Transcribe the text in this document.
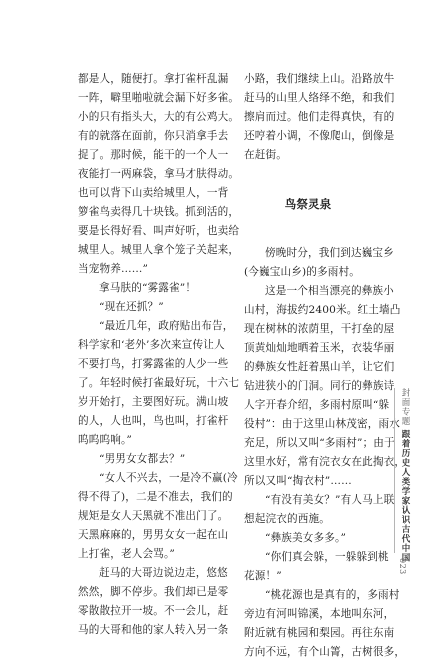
都是人，随便打。拿打雀杆乱漏
一阵，噼里啪啦就会漏下好多雀。
小的只有指头大，大的有公鸡大。
有的就落在面前，你只消拿手去
捉了。那时候，能干的一个人一
夜能打一两麻袋，拿马才肤得动。
也可以背下山卖给城里人，一背
箩雀鸟卖得几十块钱。抓到活的，
要是长得好看、叫声好听，也卖给
城里人。城里人拿个笼子关起来，
当宠物养……”
拿马肤的“雾露雀”！
“现在还抓？”
“最近几年，政府贴出布告，
科学家和‘老外’多次来宣传让人
不要打鸟，打雾露雀的人少一些
了。年轻时候打雀最好玩，十六七
岁开始打，主要图好玩。满山坡
的人，人也叫，鸟也叫，打雀杆
呜呜呜响。”
“男男女女都去？”
“女人不兴去，一是冷不赢(冷
得不得了)，二是不准去，我们的
规矩是女人天黑就不准出门了。
天黑麻麻的，男男女女一起在山
上打雀，老人会骂。”
赶马的大哥边说边走，悠悠
然然，脚不停步。我们却已是零
零散散拉开一坡。不一会儿，赶
马的大哥和他的家人转入另一条
小路，我们继续上山。沿路放牛
赶马的山里人络绎不绝，和我们
擦肩而过。他们走得真快，有的
还哼着小调，不像爬山，倒像是
在赶街。
鸟祭灵泉
傍晚时分，我们到达巍宝乡
(今巍宝山乡)的多雨村。
这是一个相当漂亮的彝族小
山村，海拔约2400米。红土墙凸
现在树林的浓荫里，干打垒的屋
顶黄灿灿地晒着玉米，衣装华丽
的彝族女性赶着黑山羊，让它们
钻进狭小的门洞。同行的彝族诗
人字开春介绍，多雨村原叫“躲
役村”：由于这里山林茂密，雨水
充足，所以又叫“多雨村”；由于
这里水好，常有浣衣女在此掏衣，
所以又叫“掏衣村”……
“有没有美女？”有人马上联
想起浣衣的西施。
“彝族美女多多。”
“你们真会躲，一躲躲到桃
花源！”
“桃花源也是真有的，多雨村
旁边有河叫锦溪，本地叫东河，
附近就有桃园和梨园。再往东南
方向不远，有个山箐，古树很多，
封面专题 跟着历史人类学家认识古代中国
023
